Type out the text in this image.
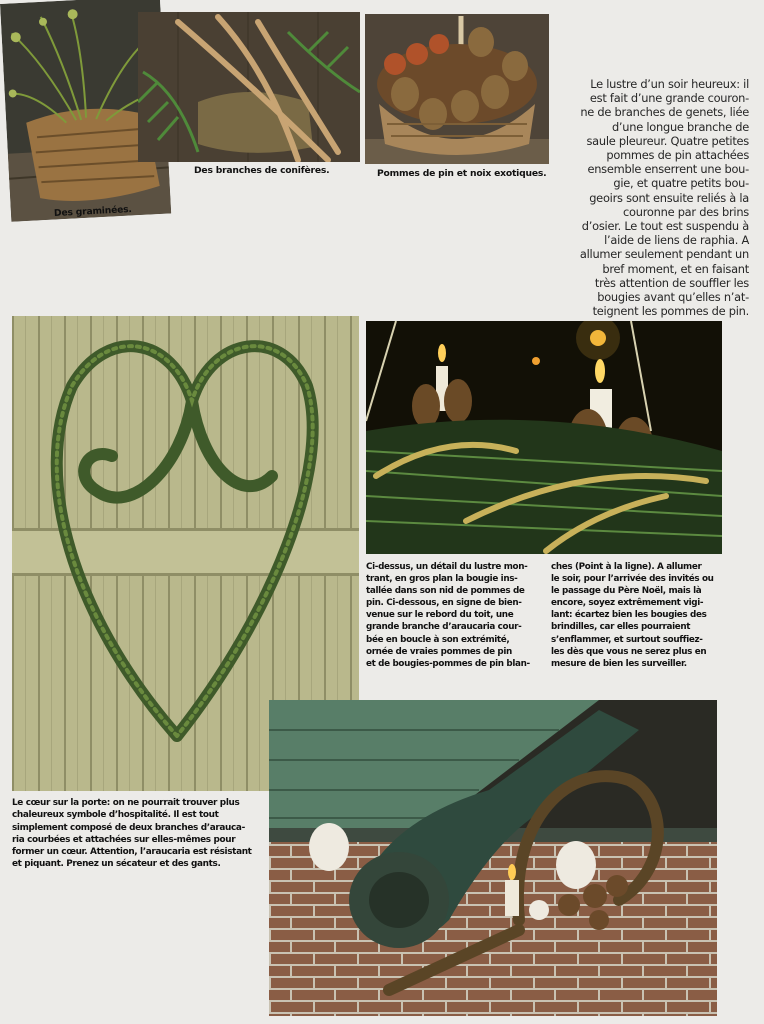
Des graminées.

Des branches de conifères.	Pommes de pin et noix exotiques.

Le lustre d’un soir heureux: il
est fait d’une grande couron-
ne de branches de genets, liée
d’une longue branche de
saule pleureur. Quatre petites
pommes de pin attachées
ensemble enserrent une bou-
gie, et quatre petits bou-
geoirs sont ensuite reliés à la
couronne par des brins
d’osier. Le tout est suspendu à
l’aide de liens de raphia. A
allumer seulement pendant un
bref moment, et en faisant
très attention de souffler les
bougies avant qu’elles n’at-
teignent les pommes de pin.

Ci-dessus, un détail du lustre mon-
trant, en gros plan la bougie ins-
tallée dans son nid de pommes de
pin. Ci-dessous, en signe de bien-
venue sur le rebord du toit, une
grande branche d’araucaria cour-
bée en boucle à son extrémité,
ornée de vraies pommes de pin
et de bougies-pommes de pin blan-

ches (Point à la ligne). A allumer
le soir, pour l’arrivée des invités ou
le passage du Père Noël, mais là
encore, soyez extrêmement vigi-
lant: écartez bien les bougies des
brindilles, car elles pourraient
s’enflammer, et surtout souffiez-
les dès que vous ne serez plus en
mesure de bien les surveiller.

Le cœur sur la porte: on ne pourrait trouver plus
chaleureux symbole d’hospitalité. Il est tout
simplement composé de deux branches d’arauca-
ria courbées et attachées sur elles-mêmes pour
former un cœur. Attention, l’araucaria est résistant
et piquant. Prenez un sécateur et des gants.
